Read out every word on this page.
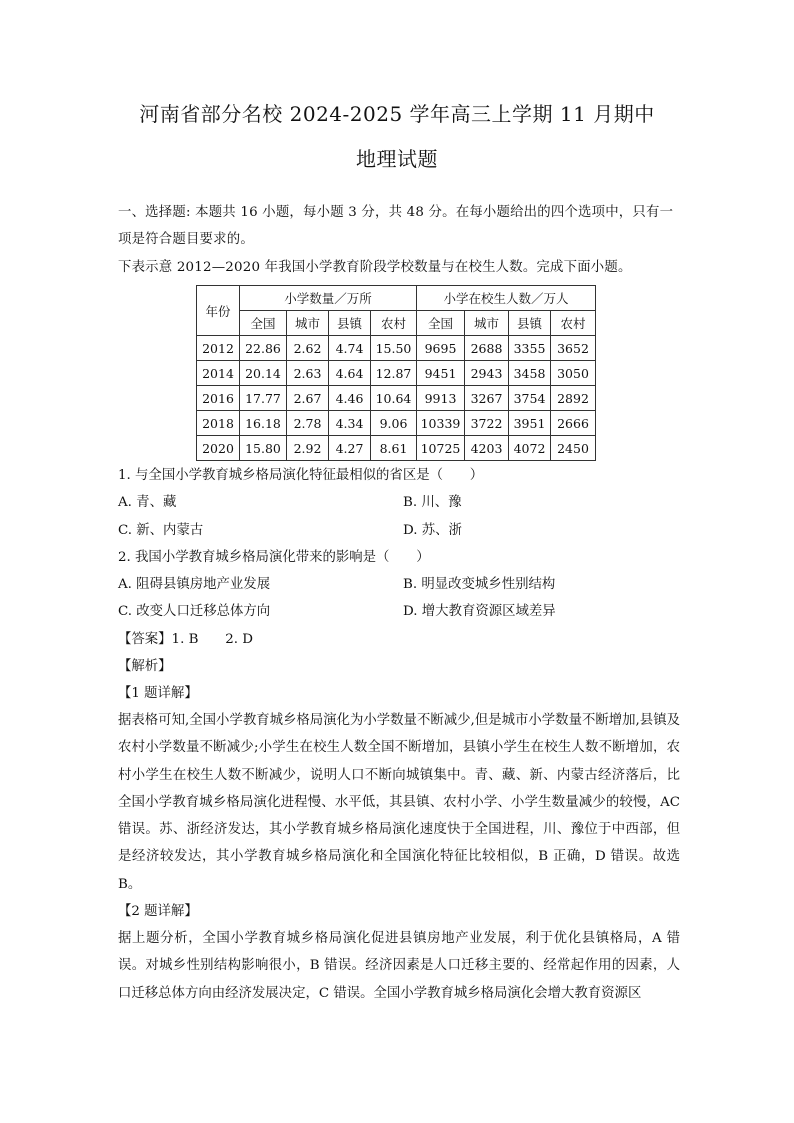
河南省部分名校 2024-2025 学年高三上学期 11 月期中
地理试题
一、选择题: 本题共 16 小题，每小题 3 分，共 48 分。在每小题给出的四个选项中，只有一项是符合题目要求的。
下表示意 2012—2020 年我国小学教育阶段学校数量与在校生人数。完成下面小题。
年份	小学数量／万所				小学在校生人数／万人			
	全国	城市	县镇	农村	全国	城市	县镇	农村
2012	22.86	2.62	4.74	15.50	9695	2688	3355	3652
2014	20.14	2.63	4.64	12.87	9451	2943	3458	3050
2016	17.77	2.67	4.46	10.64	9913	3267	3754	2892
2018	16.18	2.78	4.34	9.06	10339	3722	3951	2666
2020	15.80	2.92	4.27	8.61	10725	4203	4072	2450
1. 与全国小学教育城乡格局演化特征最相似的省区是（　　）
A. 青、藏	B. 川、豫
C. 新、内蒙古	D. 苏、浙
2. 我国小学教育城乡格局演化带来的影响是（　　）
A. 阻碍县镇房地产业发展	B. 明显改变城乡性别结构
C. 改变人口迁移总体方向	D. 增大教育资源区域差异
【答案】1. B　　2. D
【解析】
【1 题详解】
据表格可知,全国小学教育城乡格局演化为小学数量不断减少,但是城市小学数量不断增加,县镇及农村小学数量不断减少;小学生在校生人数全国不断增加，县镇小学生在校生人数不断增加，农村小学生在校生人数不断减少，说明人口不断向城镇集中。青、藏、新、内蒙古经济落后，比全国小学教育城乡格局演化进程慢、水平低，其县镇、农村小学、小学生数量减少的较慢，AC 错误。苏、浙经济发达，其小学教育城乡格局演化速度快于全国进程，川、豫位于中西部，但是经济较发达，其小学教育城乡格局演化和全国演化特征比较相似，B 正确，D 错误。故选 B。
【2 题详解】
据上题分析，全国小学教育城乡格局演化促进县镇房地产业发展，利于优化县镇格局，A 错误。对城乡性别结构影响很小，B 错误。经济因素是人口迁移主要的、经常起作用的因素，人口迁移总体方向由经济发展决定，C 错误。全国小学教育城乡格局演化会增大教育资源区
